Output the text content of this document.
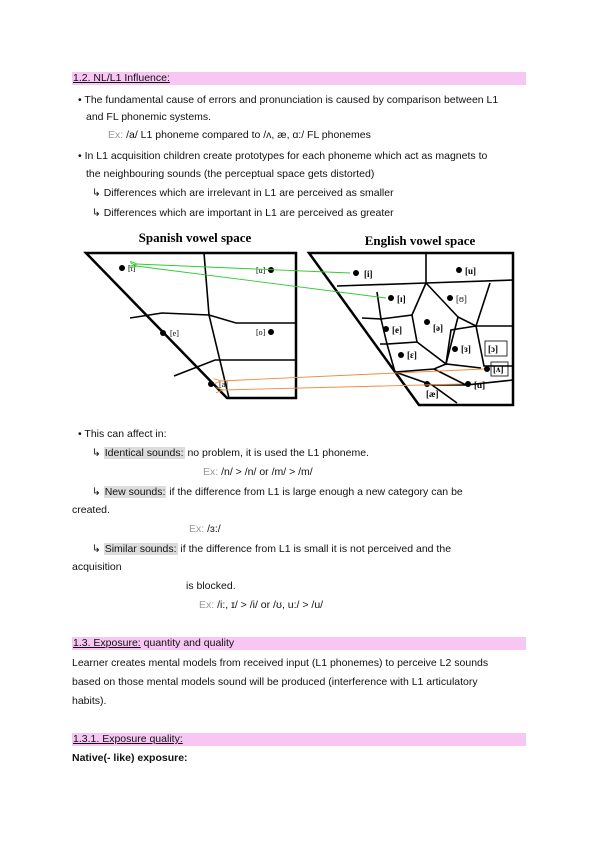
1.2. NL/L1 Influence:
• The fundamental cause of errors and pronunciation is caused by comparison between L1
and FL phonemic systems.
Ex: /a/ L1 phoneme compared to /ʌ, æ, ɑ:/ FL phonemes
• In L1 acquisition children create prototypes for each phoneme which act as magnets to
the neighbouring sounds (the perceptual space gets distorted)
↳ Differences which are irrelevant in L1 are perceived as smaller
↳ Differences which are important in L1 are perceived as greater
Spanish vowel space	English vowel space
[i]	[u]
[e]	[o]
[a]
[i]	[u]
[ɪ]	[ʊ]
[e]	[ə]
[ɛ]
[ɜ] [ɔ]
[ʌ]
[æ]
[ɑ]
• This can affect in:
↳ Identical sounds: no problem, it is used the L1 phoneme.
Ex: /n/ > /n/ or /m/ > /m/
↳ New sounds: if the difference from L1 is large enough a new category can be
created.
Ex: /ɜ:/
↳ Similar sounds: if the difference from L1 is small it is not perceived and the
acquisition
is blocked.
Ex: /i:, ɪ/ > /i/ or /ʊ, u:/ > /u/
1.3. Exposure: quantity and quality
Learner creates mental models from received input (L1 phonemes) to perceive L2 sounds
based on those mental models sound will be produced (interference with L1 articulatory
habits).
1.3.1. Exposure quality:
Native(- like) exposure:
